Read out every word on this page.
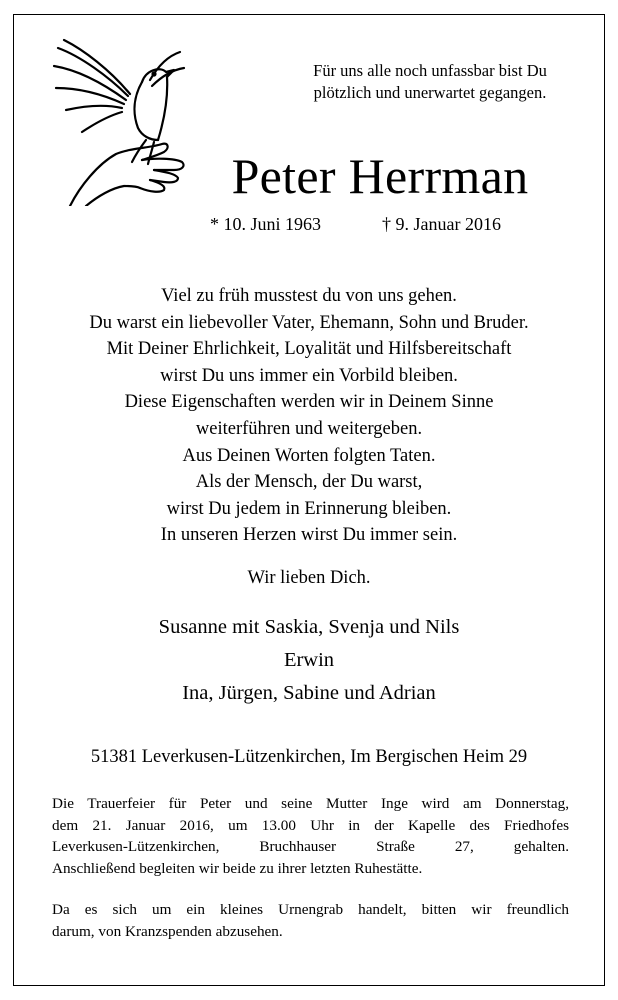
Für uns alle noch unfassbar bist Du
plötzlich und unerwartet gegangen.
Peter Herrman
* 10. Juni 1963	† 9. Januar 2016
Viel zu früh musstest du von uns gehen.
Du warst ein liebevoller Vater, Ehemann, Sohn und Bruder.
Mit Deiner Ehrlichkeit, Loyalität und Hilfsbereitschaft
wirst Du uns immer ein Vorbild bleiben.
Diese Eigenschaften werden wir in Deinem Sinne
weiterführen und weitergeben.
Aus Deinen Worten folgten Taten.
Als der Mensch, der Du warst,
wirst Du jedem in Erinnerung bleiben.
In unseren Herzen wirst Du immer sein.
Wir lieben Dich.
Susanne mit Saskia, Svenja und Nils
Erwin
Ina, Jürgen, Sabine und Adrian
51381 Leverkusen-Lützenkirchen, Im Bergischen Heim 29
Die Trauerfeier für Peter und seine Mutter Inge wird am Donnerstag,
dem 21. Januar 2016, um 13.00 Uhr in der Kapelle des Friedhofes
Leverkusen-Lützenkirchen, Bruchhauser Straße 27, gehalten.
Anschließend begleiten wir beide zu ihrer letzten Ruhestätte.
Da es sich um ein kleines Urnengrab handelt, bitten wir freundlich
darum, von Kranzspenden abzusehen.
